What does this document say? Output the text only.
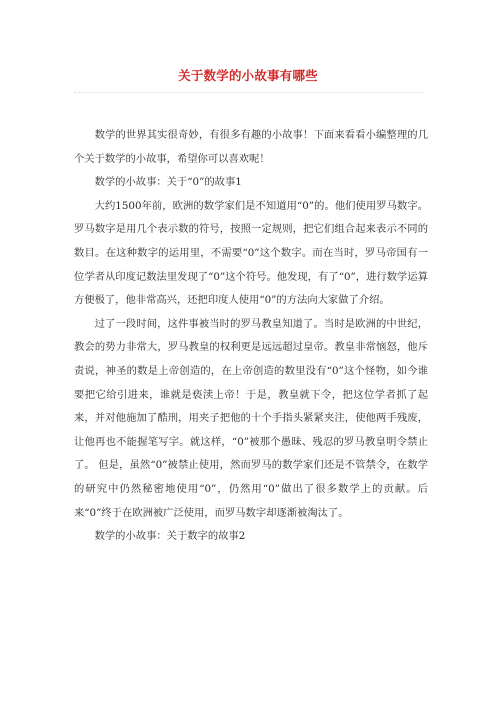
关于数学的小故事有哪些

数学的世界其实很奇妙，有很多有趣的小故事！下面来看看小编整理的几个关于数学的小故事，希望你可以喜欢呢！

数学的小故事：关于“0”的故事1

大约1500年前，欧洲的数学家们是不知道用“0”的。他们使用罗马数字。罗马数字是用几个表示数的符号，按照一定规则，把它们组合起来表示不同的数目。在这种数字的运用里，不需要“0”这个数字。而在当时，罗马帝国有一位学者从印度记数法里发现了“0”这个符号。他发现，有了“0”，进行数学运算方便极了，他非常高兴，还把印度人使用“0”的方法向大家做了介绍。

过了一段时间，这件事被当时的罗马教皇知道了。当时是欧洲的中世纪，教会的势力非常大，罗马教皇的权利更是远远超过皇帝。教皇非常恼怒，他斥责说，神圣的数是上帝创造的，在上帝创造的数里没有“0”这个怪物，如今谁要把它给引进来，谁就是亵渎上帝！于是，教皇就下令，把这位学者抓了起来，并对他施加了酷刑，用夹子把他的十个手指头紧紧夹注，使他两手残废，让他再也不能握笔写字。就这样，“0”被那个愚昧、残忍的罗马教皇明令禁止了。 但是，虽然“0”被禁止使用，然而罗马的数学家们还是不管禁令，在数学的研究中仍然秘密地使用“0”，仍然用“0”做出了很多数学上的贡献。后来“0”终于在欧洲被广泛使用，而罗马数字却逐渐被淘汰了。

数学的小故事：关于数字的故事2
